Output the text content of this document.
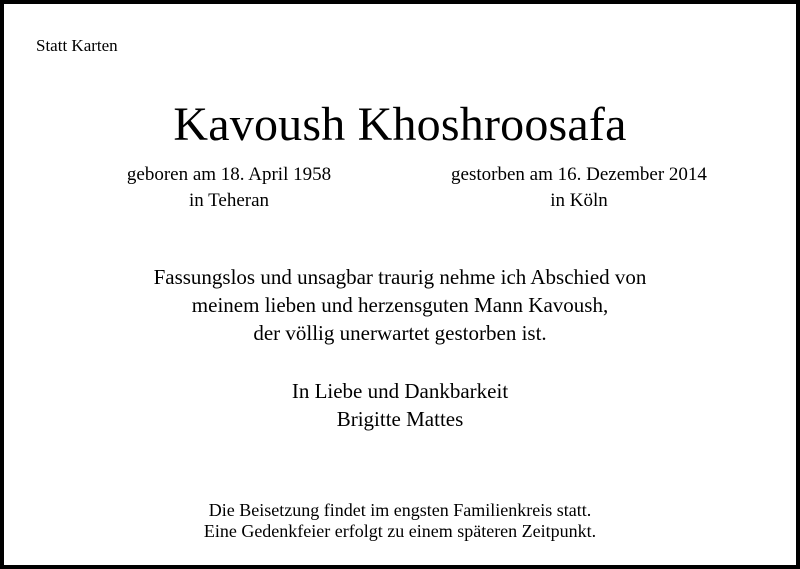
Statt Karten
Kavoush Khoshroosafa
geboren am 18. April 1958
in Teheran
gestorben am 16. Dezember 2014
in Köln
Fassungslos und unsagbar traurig nehme ich Abschied von
meinem lieben und herzensguten Mann Kavoush,
der völlig unerwartet gestorben ist.
In Liebe und Dankbarkeit
Brigitte Mattes
Die Beisetzung findet im engsten Familienkreis statt.
Eine Gedenkfeier erfolgt zu einem späteren Zeitpunkt.
